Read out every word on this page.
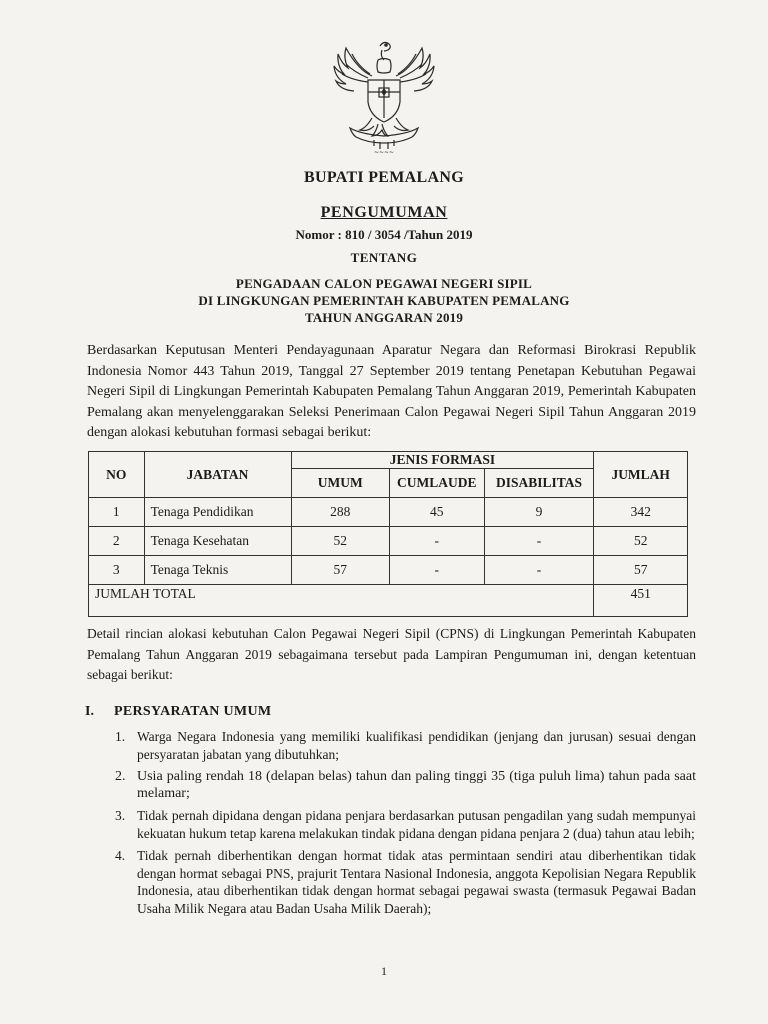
~~~~
BUPATI PEMALANG
PENGUMUMAN
Nomor : 810 / 3054 /Tahun 2019
TENTANG
PENGADAAN CALON PEGAWAI NEGERI SIPIL
DI LINGKUNGAN PEMERINTAH KABUPATEN PEMALANG
TAHUN ANGGARAN 2019

Berdasarkan Keputusan Menteri Pendayagunaan Aparatur Negara dan Reformasi Birokrasi Republik Indonesia Nomor 443 Tahun 2019, Tanggal 27 September 2019 tentang Penetapan Kebutuhan Pegawai Negeri Sipil di Lingkungan Pemerintah Kabupaten Pemalang Tahun Anggaran 2019, Pemerintah Kabupaten Pemalang akan menyelenggarakan Seleksi Penerimaan Calon Pegawai Negeri Sipil Tahun Anggaran 2019 dengan alokasi kebutuhan formasi sebagai berikut:

NO	JABATAN	JENIS FORMASI			JUMLAH
		UMUM	CUMLAUDE	DISABILITAS	
1	Tenaga Pendidikan	288	45	9	342
2	Tenaga Kesehatan	52	-	-	52
3	Tenaga Teknis	57	-	-	57
JUMLAH TOTAL					451

Detail rincian alokasi kebutuhan Calon Pegawai Negeri Sipil (CPNS) di Lingkungan Pemerintah Kabupaten Pemalang Tahun Anggaran 2019 sebagaimana tersebut pada Lampiran Pengumuman ini, dengan ketentuan sebagai berikut:

I. PERSYARATAN UMUM
1. Warga Negara Indonesia yang memiliki kualifikasi pendidikan (jenjang dan jurusan) sesuai dengan persyaratan jabatan yang dibutuhkan;
2. Usia paling rendah 18 (delapan belas) tahun dan paling tinggi 35 (tiga puluh lima) tahun pada saat melamar;
3. Tidak pernah dipidana dengan pidana penjara berdasarkan putusan pengadilan yang sudah mempunyai kekuatan hukum tetap karena melakukan tindak pidana dengan pidana penjara 2 (dua) tahun atau lebih;
4. Tidak pernah diberhentikan dengan hormat tidak atas permintaan sendiri atau diberhentikan tidak dengan hormat sebagai PNS, prajurit Tentara Nasional Indonesia, anggota Kepolisian Negara Republik Indonesia, atau diberhentikan tidak dengan hormat sebagai pegawai swasta (termasuk Pegawai Badan Usaha Milik Negara atau Badan Usaha Milik Daerah);
1
